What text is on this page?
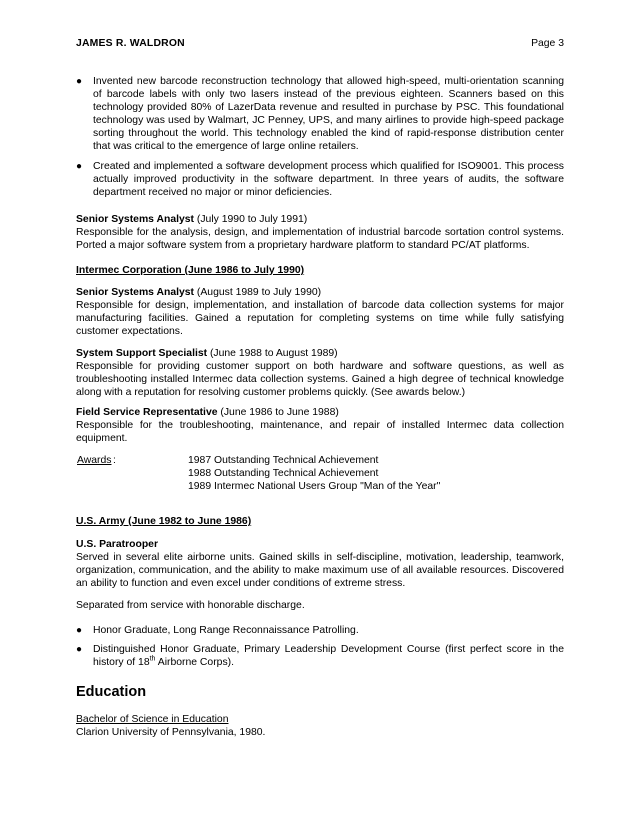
JAMES R. WALDRON	Page 3
●	Invented new barcode reconstruction technology that allowed high-speed, multi-orientation scanning of barcode labels with only two lasers instead of the previous eighteen. Scanners based on this technology provided 80% of LazerData revenue and resulted in purchase by PSC. This foundational technology was used by Walmart, JC Penney, UPS, and many airlines to provide high-speed package sorting throughout the world. This technology enabled the kind of rapid-response distribution center that was critical to the emergence of large online retailers.
●	Created and implemented a software development process which qualified for ISO9001. This process actually improved productivity in the software department. In three years of audits, the software department received no major or minor deficiencies.
Senior Systems Analyst (July 1990 to July 1991)
Responsible for the analysis, design, and implementation of industrial barcode sortation control systems. Ported a major software system from a proprietary hardware platform to standard PC/AT platforms.
Intermec Corporation (June 1986 to July 1990)
Senior Systems Analyst (August 1989 to July 1990)
Responsible for design, implementation, and installation of barcode data collection systems for major manufacturing facilities. Gained a reputation for completing systems on time while fully satisfying customer expectations.
System Support Specialist (June 1988 to August 1989)
Responsible for providing customer support on both hardware and software questions, as well as troubleshooting installed Intermec data collection systems. Gained a high degree of technical knowledge along with a reputation for resolving customer problems quickly. (See awards below.)
Field Service Representative (June 1986 to June 1988)
Responsible for the troubleshooting, maintenance, and repair of installed Intermec data collection equipment.
Awards :	1987 Outstanding Technical Achievement
1988 Outstanding Technical Achievement
1989 Intermec National Users Group "Man of the Year"
U.S. Army (June 1982 to June 1986)
U.S. Paratrooper
Served in several elite airborne units. Gained skills in self-discipline, motivation, leadership, teamwork, organization, communication, and the ability to make maximum use of all available resources. Discovered an ability to function and even excel under conditions of extreme stress.
Separated from service with honorable discharge.
●	Honor Graduate, Long Range Reconnaissance Patrolling.
●	Distinguished Honor Graduate, Primary Leadership Development Course (first perfect score in the history of 18th Airborne Corps).
Education
Bachelor of Science in Education
Clarion University of Pennsylvania, 1980.
